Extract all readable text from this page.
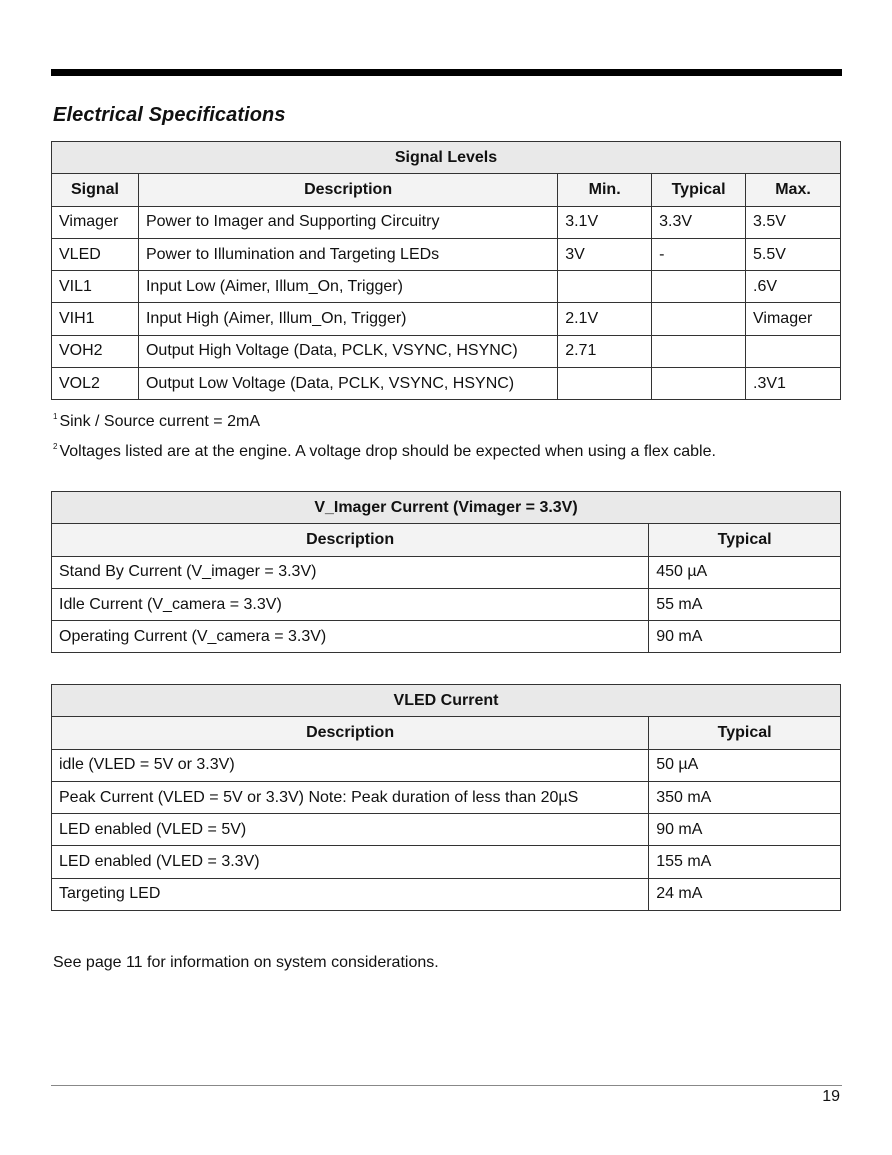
Electrical Specifications
Signal Levels				
Signal	Description	Min.	Typical	Max.
Vimager	Power to Imager and Supporting Circuitry	3.1V	3.3V	3.5V
VLED	Power to Illumination and Targeting LEDs	3V	-	5.5V
VIL1	Input Low (Aimer, Illum_On, Trigger)			.6V
VIH1	Input High (Aimer, Illum_On, Trigger)	2.1V		Vimager
VOH2	Output High Voltage (Data, PCLK, VSYNC, HSYNC)	2.71		
VOL2	Output Low Voltage (Data, PCLK, VSYNC, HSYNC)			.3V1
$^1$ Sink / Source current = 2mA
$^2$ Voltages listed are at the engine. A voltage drop should be expected when using a flex cable.
V_Imager Current (Vimager = 3.3V)	
Description	Typical
Stand By Current (V_imager = 3.3V)	450 µA
Idle Current (V_camera = 3.3V)	55 mA
Operating Current (V_camera = 3.3V)	90 mA
VLED Current	
Description	Typical
idle (VLED = 5V or 3.3V)	50 µA
Peak Current (VLED = 5V or 3.3V) Note: Peak duration of less than 20µS	350 mA
LED enabled (VLED = 5V)	90 mA
LED enabled (VLED = 3.3V)	155 mA
Targeting LED	24 mA
See page 11 for information on system considerations.
19
